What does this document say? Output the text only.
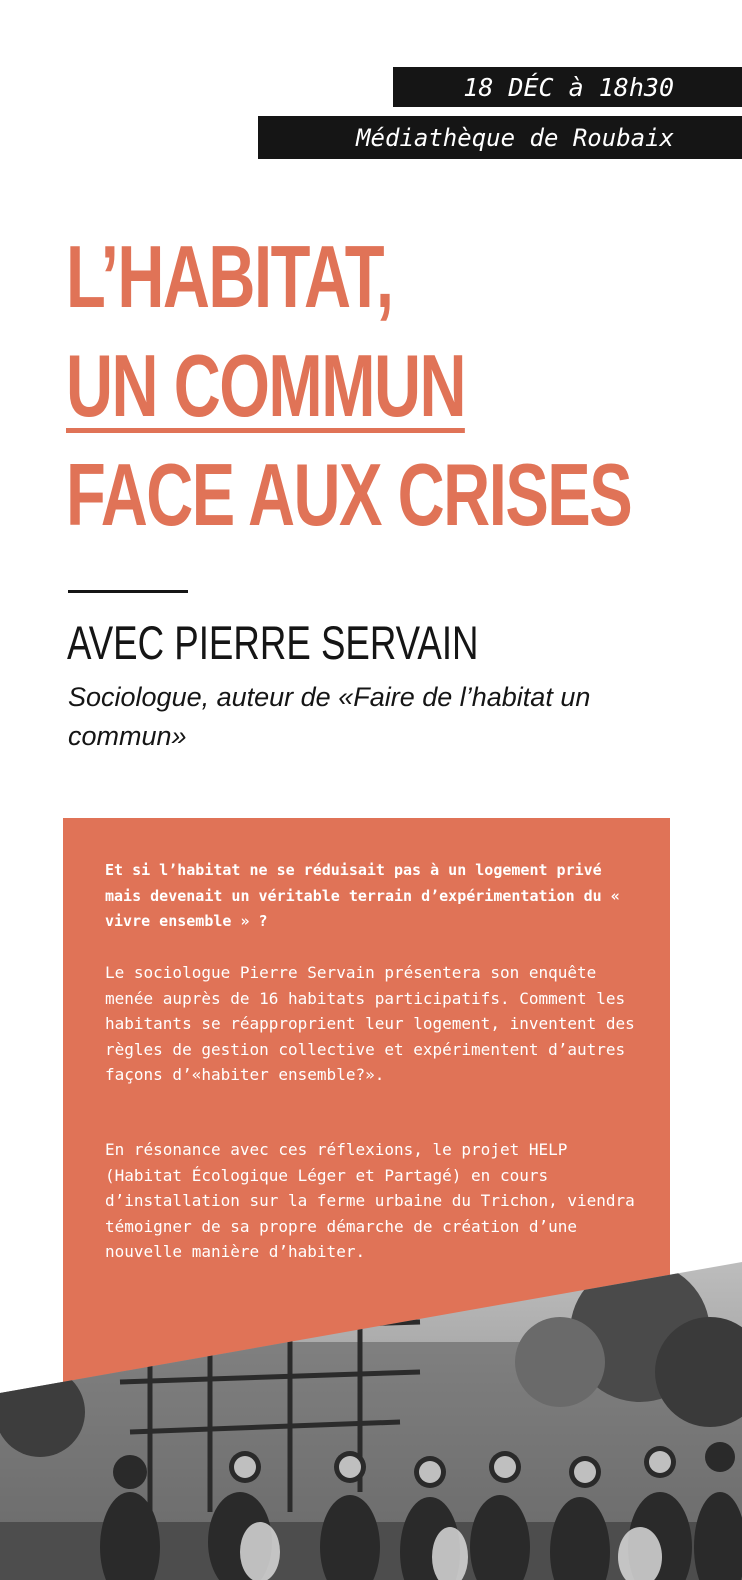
18 DÉC à 18h30
Médiathèque de Roubaix
L’HABITAT,
UN COMMUN
FACE AUX CRISES
AVEC PIERRE SERVAIN
Sociologue, auteur de «Faire de l’habitat un commun»

Et si l’habitat ne se réduisait pas à un logement privé mais devenait un véritable terrain d’expérimentation du « vivre ensemble » ?

Le sociologue Pierre Servain présentera son enquête menée auprès de 16 habitats participatifs. Comment les habitants se réapproprient leur logement, inventent des règles de gestion collective et expérimentent d’autres façons d’«habiter ensemble?».

En résonance avec ces réflexions, le projet HELP (Habitat Écologique Léger et Partagé) en cours d’installation sur la ferme urbaine du Trichon, viendra témoigner de sa propre démarche de création d’une nouvelle manière d’habiter.
